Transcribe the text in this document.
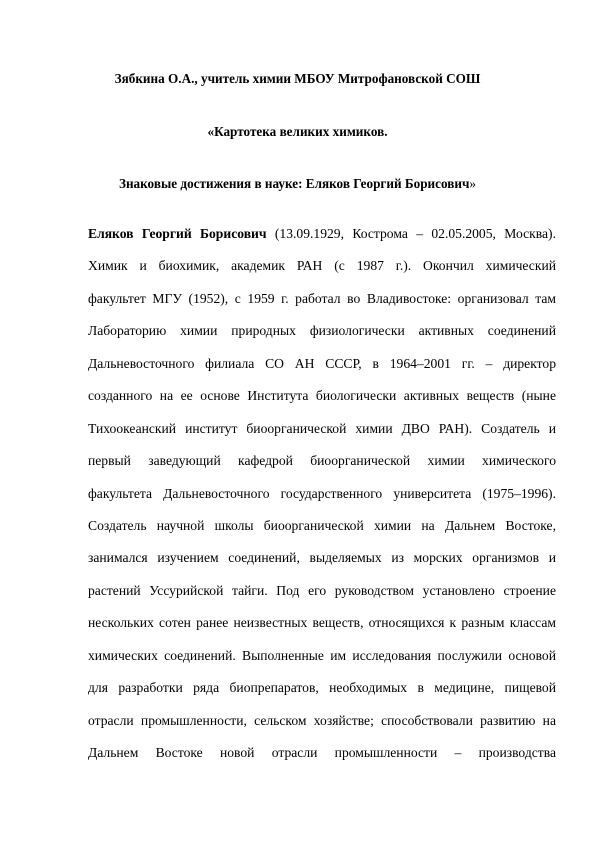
Зябкина О.А., учитель химии МБОУ Митрофановской СОШ
«Картотека великих химиков.
Знаковые достижения в науке: Еляков Георгий Борисович»
Еляков Георгий Борисович (13.09.1929, Кострома – 02.05.2005, Москва).
Химик и биохимик, академик РАН (с 1987 г.). Окончил химический
факультет МГУ (1952), с 1959 г. работал во Владивостоке: организовал там
Лабораторию химии природных физиологически активных соединений
Дальневосточного филиала СО АН СССР, в 1964–2001 гг. – директор
созданного на ее основе Института биологически активных веществ (ныне
Тихоокеанский институт биоорганической химии ДВО РАН). Создатель и
первый заведующий кафедрой биоорганической химии химического
факультета Дальневосточного государственного университета (1975–1996).
Создатель научной школы биоорганической химии на Дальнем Востоке,
занимался изучением соединений, выделяемых из морских организмов и
растений Уссурийской тайги. Под его руководством установлено строение
нескольких сотен ранее неизвестных веществ, относящихся к разным классам
химических соединений. Выполненные им исследования послужили основой
для разработки ряда биопрепаратов, необходимых в медицине, пищевой
отрасли промышленности, сельском хозяйстве; способствовали развитию на
Дальнем Востоке новой отрасли промышленности – производства
